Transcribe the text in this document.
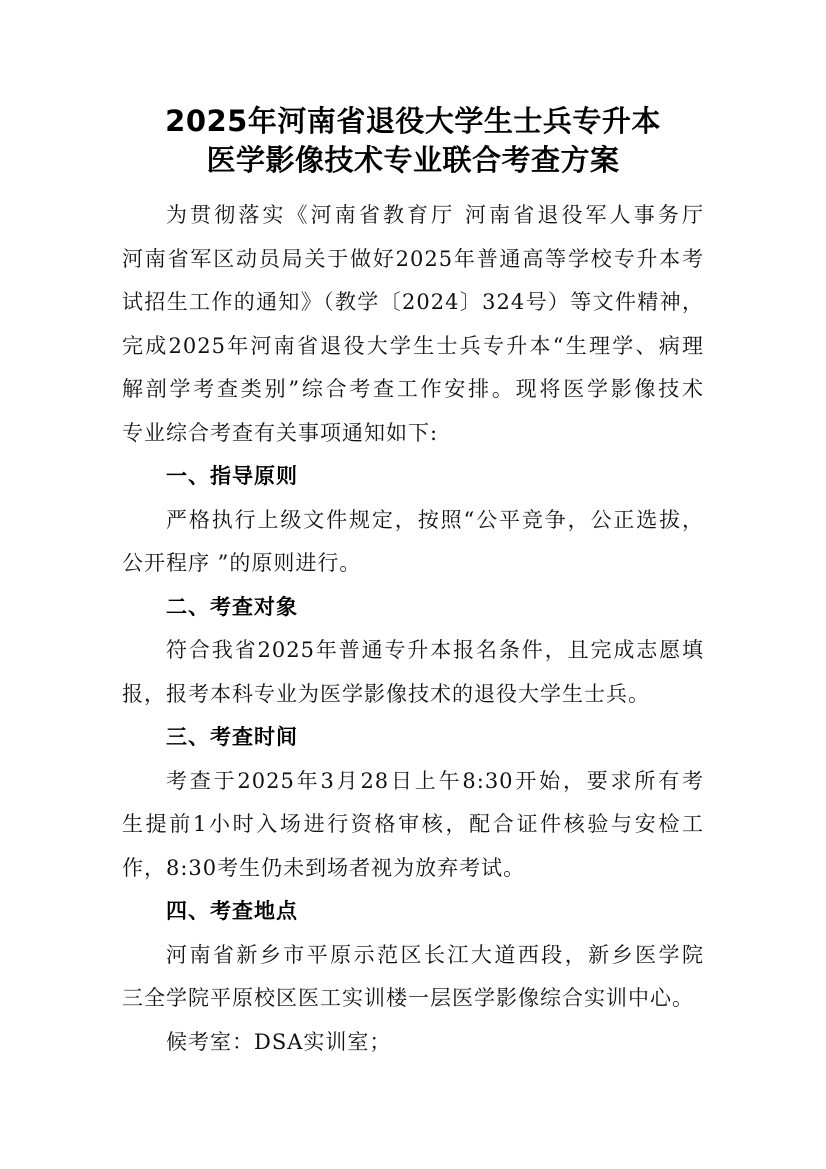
2025年河南省退役大学生士兵专升本
医学影像技术专业联合考查方案

为贯彻落实《河南省教育厅 河南省退役军人事务厅
河南省军区动员局关于做好2025年普通高等学校专升本考
试招生工作的通知》（教学〔2024〕324号）等文件精神，
完成2025年河南省退役大学生士兵专升本“生理学、病理
解剖学考查类别”综合考查工作安排。现将医学影像技术
专业综合考查有关事项通知如下:

一、指导原则

严格执行上级文件规定，按照“公平竞争，公正选拔，
公开程序 ”的原则进行。

二、考查对象

符合我省2025年普通专升本报名条件，且完成志愿填
报，报考本科专业为医学影像技术的退役大学生士兵。

三、考查时间

考查于2025年3月28日上午8:30开始，要求所有考
生提前1小时入场进行资格审核，配合证件核验与安检工
作，8:30考生仍未到场者视为放弃考试。

四、考查地点

河南省新乡市平原示范区长江大道西段，新乡医学院
三全学院平原校区医工实训楼一层医学影像综合实训中心。

候考室：DSA实训室；
